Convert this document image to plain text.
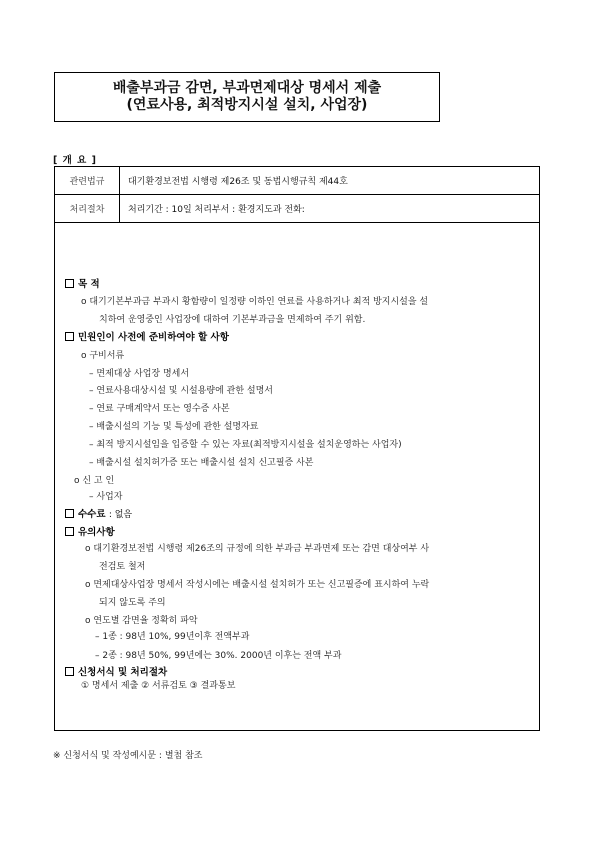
배출부과금 감면, 부과면제대상 명세서 제출
(연료사용, 최적방지시설 설치, 사업장)
[ 개 요 ]
관련법규	대기환경보전법 시행령 제26조 및 동법시행규칙 제44호
처리절차	처리기간 : 10일 처리부서 : 환경지도과 전화:
목 적
o 대기기본부과금 부과시 황함량이 일정량 이하인 연료를 사용하거나 최적 방지시설을 설
치하여 운영중인 사업장에 대하여 기본부과금을 면제하여 주기 위함.
민원인이 사전에 준비하여야 할 사항
o 구비서류
– 면제대상 사업장 명세서
– 연료사용대상시설 및 시설용량에 관한 설명서
– 연료 구매계약서 또는 영수증 사본
– 배출시설의 기능 및 특성에 관한 설명자료
– 최적 방지시설임을 입증할 수 있는 자료(최적방지시설을 설치운영하는 사업자)
– 배출시설 설치허가증 또는 배출시설 설치 신고필증 사본
o 신 고 인
– 사업자
수수료 : 없음
유의사항
o 대기환경보전법 시행령 제26조의 규정에 의한 부과금 부과면제 또는 감면 대상여부 사
전검토 철저
o 면제대상사업장 명세서 작성시에는 배출시설 설치허가 또는 신고필증에 표시하여 누락
되지 않도록 주의
o 연도별 감면율 정확히 파악
– 1종 : 98년 10%, 99년이후 전액부과
– 2종 : 98년 50%, 99년에는 30%. 2000년 이후는 전액 부과
신청서식 및 처리절차
① 명세서 제출 ② 서류검토 ③ 결과통보
※ 신청서식 및 작성예시문 : 별첨 참조
